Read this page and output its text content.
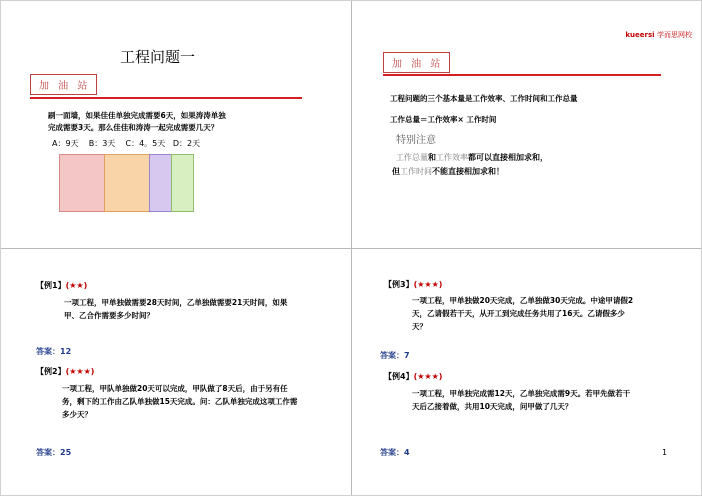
工程问题一
加 油 站
刷一面墙，如果佳佳单独完成需要6天，如果涛涛单独
完成需要3天。那么佳佳和涛涛一起完成需要几天？
A：9天    B：3天    C：4。5天   D：2天
kueersi 学而思网校
加 油 站
工程问题的三个基本量是工作效率、工作时间和工作总量
工作总量＝工作效率× 工作时间
特别注意
工作总量和工作效率都可以直接相加求和，
但工作时间不能直接相加求和！
【例1】(★★)
一项工程，甲单独做需要28天时间，乙单独做需要21天时间，如果甲、乙合作需要多少时间？
答案：12
【例2】(★★★)
一项工程，甲队单独做20天可以完成，甲队做了8天后，由于另有任务，剩下的工作由乙队单独做15天完成。问：乙队单独完成这项工作需多少天？
答案：25
【例3】(★★★)
一项工程，甲单独做20天完成，乙单独做30天完成。中途甲请假2天，乙请假若干天，从开工到完成任务共用了16天。乙请假多少天？
答案：7
【例4】(★★★)
一项工程，甲单独完成需12天，乙单独完成需9天。若甲先做若干天后乙接着做，共用10天完成，问甲做了几天？
答案：4	1
